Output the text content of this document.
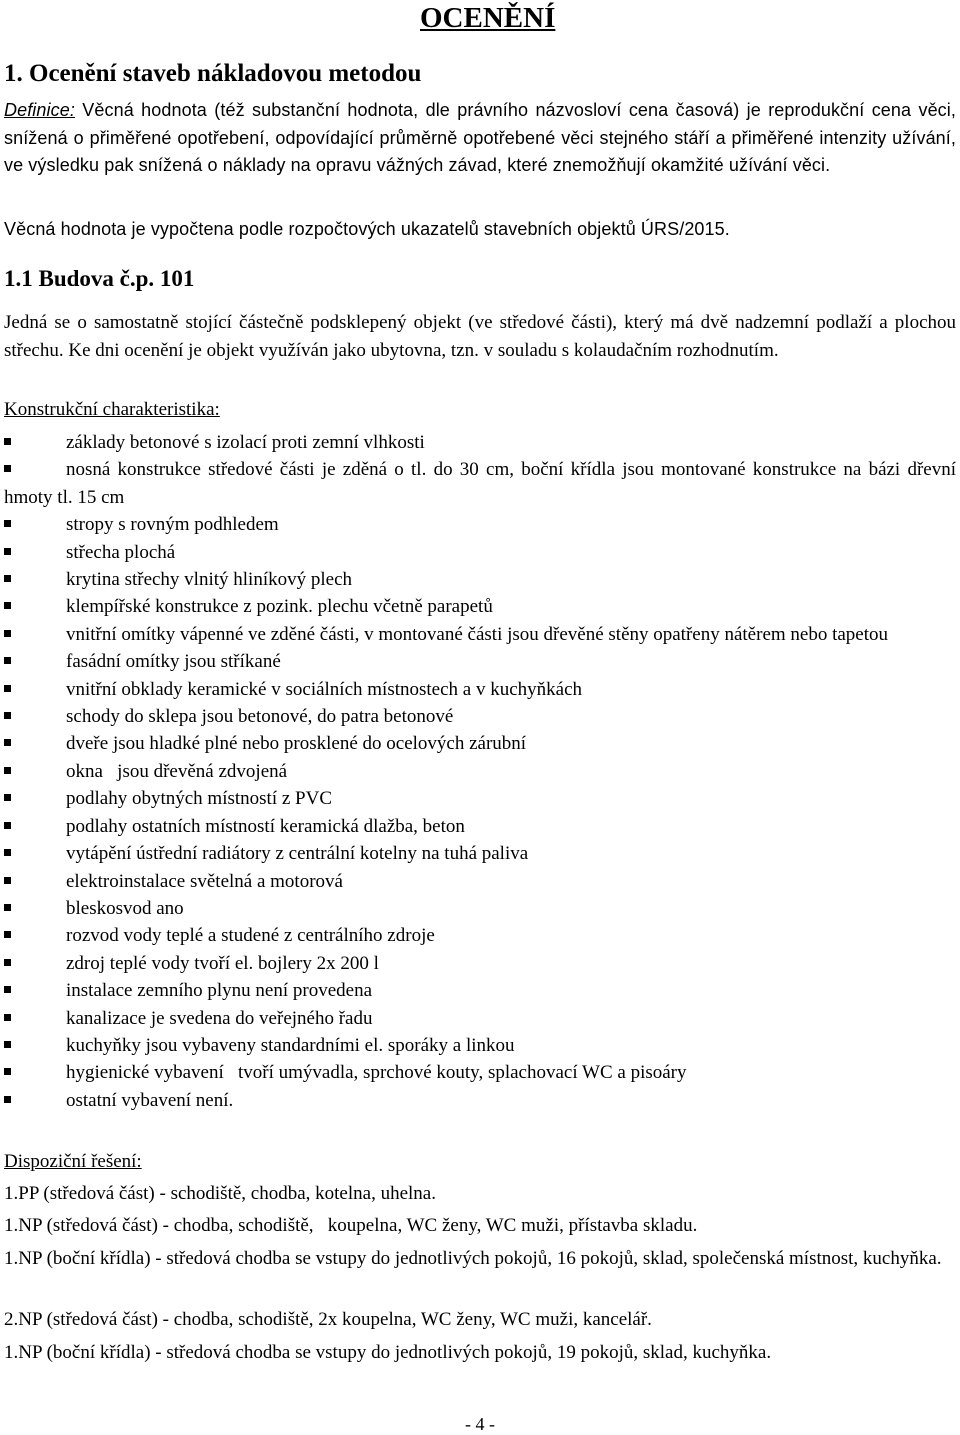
OCENĚNÍ
1. Ocenění staveb nákladovou metodou

Definice: Věcná hodnota (též substanční hodnota, dle právního názvosloví cena časová) je reprodukční cena věci, snížená o přiměřené opotřebení, odpovídající průměrně opotřebené věci stejného stáří a přiměřené intenzity užívání, ve výsledku pak snížená o náklady na opravu vážných závad, které znemožňují okamžité užívání věci.

Věcná hodnota je vypočtena podle rozpočtových ukazatelů stavebních objektů ÚRS/2015.

1.1 Budova č.p. 101

Jedná se o samostatně stojící částečně podsklepený objekt (ve středové části), který má dvě nadzemní podlaží a plochou střechu. Ke dni ocenění je objekt využíván jako ubytovna, tzn. v souladu s kolaudačním rozhodnutím.

Konstrukční charakteristika:

základy betonové s izolací proti zemní vlhkosti
nosná konstrukce středové části je zděná o tl. do 30 cm, boční křídla jsou montované konstrukce na bázi dřevní hmoty tl. 15 cm
stropy s rovným podhledem
střecha plochá
krytina střechy vlnitý hliníkový plech
klempířské konstrukce z pozink. plechu včetně parapetů
vnitřní omítky vápenné ve zděné části, v montované části jsou dřevěné stěny opatřeny nátěrem nebo tapetou
fasádní omítky jsou stříkané
vnitřní obklady keramické v sociálních místnostech a v kuchyňkách
schody do sklepa jsou betonové, do patra betonové
dveře jsou hladké plné nebo prosklené do ocelových zárubní
okna   jsou dřevěná zdvojená
podlahy obytných místností z PVC
podlahy ostatních místností keramická dlažba, beton
vytápění ústřední radiátory z centrální kotelny na tuhá paliva
elektroinstalace světelná a motorová
bleskosvod ano
rozvod vody teplé a studené z centrálního zdroje
zdroj teplé vody tvoří el. bojlery 2x 200 l
instalace zemního plynu není provedena
kanalizace je svedena do veřejného řadu
kuchyňky jsou vybaveny standardními el. sporáky a linkou
hygienické vybavení   tvoří umývadla, sprchové kouty, splachovací WC a pisoáry
ostatní vybavení není.

Dispoziční řešení:

1.PP (středová část) - schodiště, chodba, kotelna, uhelna.

1.NP (středová část) - chodba, schodiště,   koupelna, WC ženy, WC muži, přístavba skladu.

1.NP (boční křídla) - středová chodba se vstupy do jednotlivých pokojů, 16 pokojů, sklad, společenská místnost, kuchyňka.

2.NP (středová část) - chodba, schodiště, 2x koupelna, WC ženy, WC muži, kancelář.

1.NP (boční křídla) - středová chodba se vstupy do jednotlivých pokojů, 19 pokojů, sklad, kuchyňka.

- 4 -
